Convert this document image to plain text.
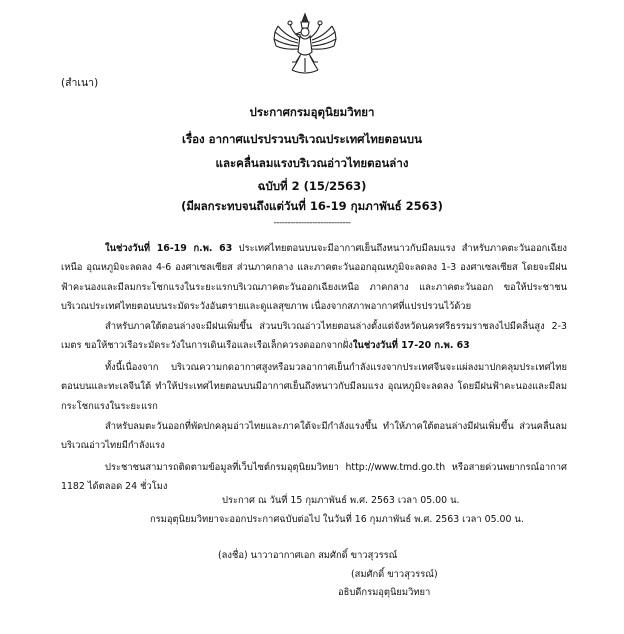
(สำเนา)
ประกาศกรมอุตุนิยมวิทยา
เรื่อง อากาศแปรปรวนบริเวณประเทศไทยตอนบน
และคลื่นลมแรงบริเวณอ่าวไทยตอนล่าง
ฉบับที่ 2 (15/2563)
(มีผลกระทบจนถึงแต่วันที่ 16-19 กุมภาพันธ์ 2563)
----------------------------

ในช่วงวันที่ 16-19 ก.พ. 63 ประเทศไทยตอนบนจะมีอากาศเย็นถึงหนาวกับมีลมแรง สำหรับภาคตะวันออกเฉียงเหนือ อุณหภูมิจะลดลง 4-6 องศาเซลเซียส ส่วนภาคกลาง และภาคตะวันออกอุณหภูมิจะลดลง 1-3 องศาเซลเซียส โดยจะมีฝนฟ้าคะนองและมีลมกระโชกแรงในระยะแรกบริเวณภาคตะวันออกเฉียงเหนือ ภาคกลาง และภาคตะวันออก ขอให้ประชาชนบริเวณประเทศไทยตอนบนระมัดระวังอันตรายและดูแลสุขภาพ เนื่องจากสภาพอากาศที่แปรปรวนไว้ด้วย

สำหรับภาคใต้ตอนล่างจะมีฝนเพิ่มขึ้น ส่วนบริเวณอ่าวไทยตอนล่างตั้งแต่จังหวัดนครศรีธรรมราชลงไปมีคลื่นสูง 2-3 เมตร ขอให้ชาวเรือระมัดระวังในการเดินเรือและเรือเล็กควรงดออกจากฝั่งในช่วงวันที่ 17-20 ก.พ. 63

ทั้งนี้เนื่องจาก บริเวณความกดอากาศสูงหรือมวลอากาศเย็นกำลังแรงจากประเทศจีนจะแผ่ลงมาปกคลุมประเทศไทยตอนบนและทะเลจีนใต้ ทำให้ประเทศไทยตอนบนมีอากาศเย็นถึงหนาวกับมีลมแรง อุณหภูมิจะลดลง โดยมีฝนฟ้าคะนองและมีลมกระโชกแรงในระยะแรก

สำหรับลมตะวันออกที่พัดปกคลุมอ่าวไทยและภาคใต้จะมีกำลังแรงขึ้น ทำให้ภาคใต้ตอนล่างมีฝนเพิ่มขึ้น ส่วนคลื่นลมบริเวณอ่าวไทยมีกำลังแรง

ประชาชนสามารถติดตามข้อมูลที่เว็บไซต์กรมอุตุนิยมวิทยา http://www.tmd.go.th หรือสายด่วนพยากรณ์อากาศ 1182 ได้ตลอด 24 ชั่วโมง

ประกาศ ณ วันที่ 15 กุมภาพันธ์ พ.ศ. 2563 เวลา 05.00 น.
กรมอุตุนิยมวิทยาจะออกประกาศฉบับต่อไป ในวันที่ 16 กุมภาพันธ์ พ.ศ. 2563 เวลา 05.00 น.
(ลงชื่อ) นาวาอากาศเอก สมศักดิ์ ขาวสุวรรณ์
(สมศักดิ์ ขาวสุวรรณ์)
อธิบดีกรมอุตุนิยมวิทยา
